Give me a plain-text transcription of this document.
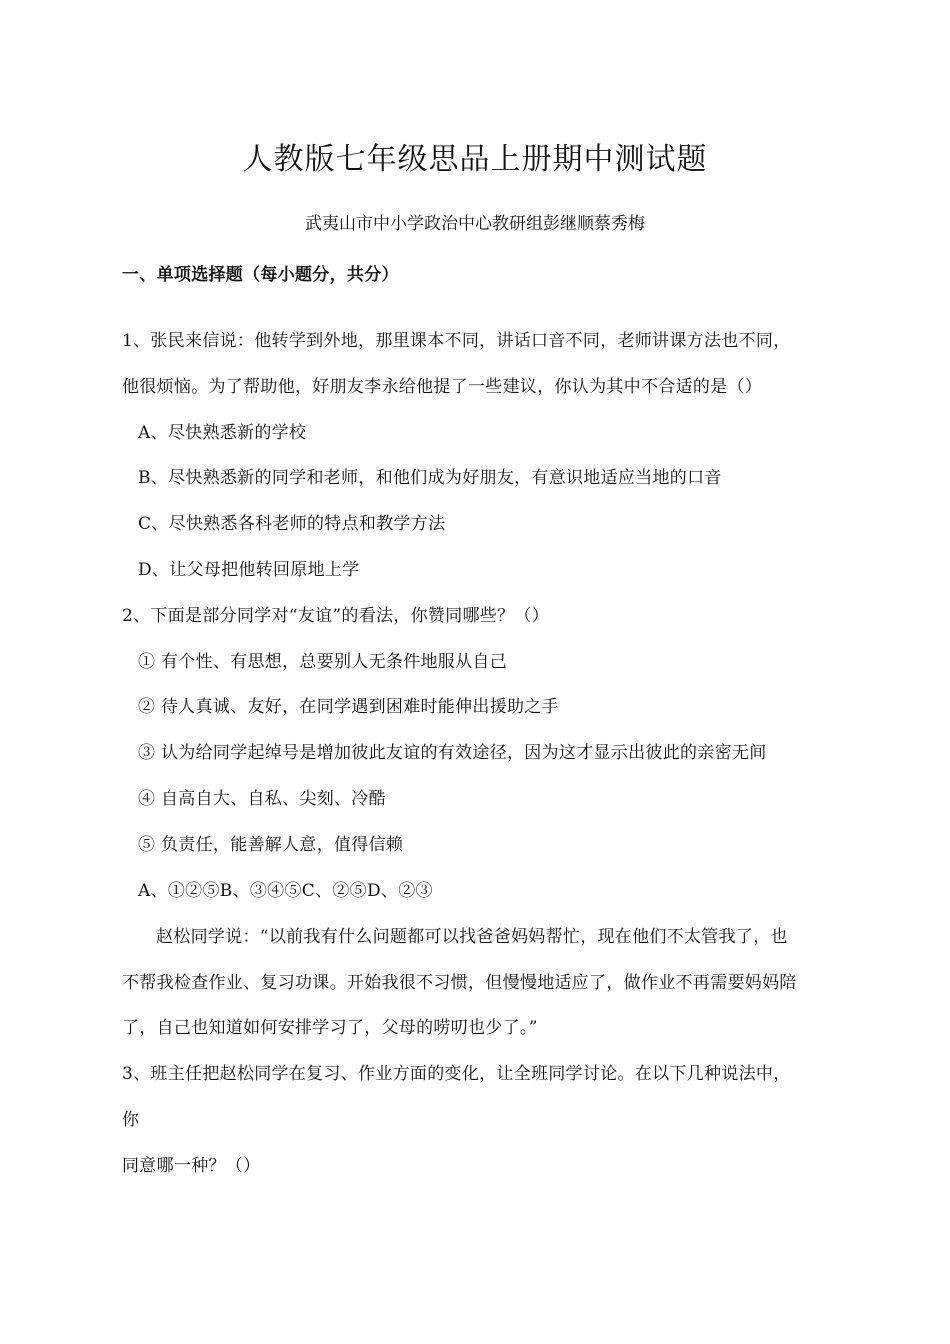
人教版七年级思品上册期中测试题
武夷山市中小学政治中心教研组彭继顺蔡秀梅
一、单项选择题（每小题分，共分）
1、张民来信说：他转学到外地，那里课本不同，讲话口音不同，老师讲课方法也不同，
他很烦恼。为了帮助他，好朋友李永给他提了一些建议，你认为其中不合适的是（）
A、尽快熟悉新的学校
B、尽快熟悉新的同学和老师，和他们成为好朋友，有意识地适应当地的口音
C、尽快熟悉各科老师的特点和教学方法
D、让父母把他转回原地上学
2、下面是部分同学对“友谊”的看法，你赞同哪些？（）
① 有个性、有思想，总要别人无条件地服从自己
② 待人真诚、友好，在同学遇到困难时能伸出援助之手
③ 认为给同学起绰号是增加彼此友谊的有效途径，因为这才显示出彼此的亲密无间
④ 自高自大、自私、尖刻、冷酷
⑤ 负责任，能善解人意，值得信赖
A、①②⑤B、③④⑤C、②⑤D、②③
赵松同学说：“以前我有什么问题都可以找爸爸妈妈帮忙，现在他们不太管我了，也
不帮我检查作业、复习功课。开始我很不习惯，但慢慢地适应了，做作业不再需要妈妈陪
了，自己也知道如何安排学习了，父母的唠叨也少了。”
3、班主任把赵松同学在复习、作业方面的变化，让全班同学讨论。在以下几种说法中，
你
同意哪一种？（）
